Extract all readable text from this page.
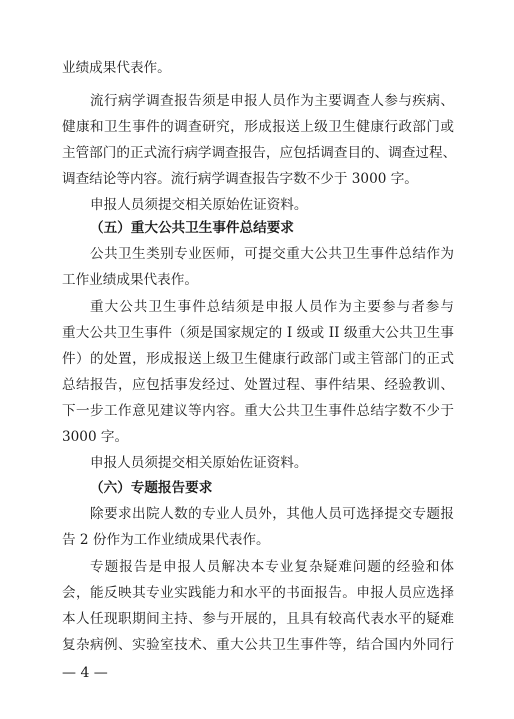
业绩成果代表作。
流行病学调查报告须是申报人员作为主要调查人参与疾病、
健康和卫生事件的调查研究，形成报送上级卫生健康行政部门或
主管部门的正式流行病学调查报告，应包括调查目的、调查过程、
调查结论等内容。流行病学调查报告字数不少于 3000 字。
申报人员须提交相关原始佐证资料。
（五）重大公共卫生事件总结要求
公共卫生类别专业医师，可提交重大公共卫生事件总结作为
工作业绩成果代表作。
重大公共卫生事件总结须是申报人员作为主要参与者参与
重大公共卫生事件（须是国家规定的 I 级或 II 级重大公共卫生事
件）的处置，形成报送上级卫生健康行政部门或主管部门的正式
总结报告，应包括事发经过、处置过程、事件结果、经验教训、
下一步工作意见建议等内容。重大公共卫生事件总结字数不少于
3000 字。
申报人员须提交相关原始佐证资料。
（六）专题报告要求
除要求出院人数的专业人员外，其他人员可选择提交专题报
告 2 份作为工作业绩成果代表作。
专题报告是申报人员解决本专业复杂疑难问题的经验和体
会，能反映其专业实践能力和水平的书面报告。申报人员应选择
本人任现职期间主持、参与开展的，且具有较高代表水平的疑难
复杂病例、实验室技术、重大公共卫生事件等，结合国内外同行
— 4 —
